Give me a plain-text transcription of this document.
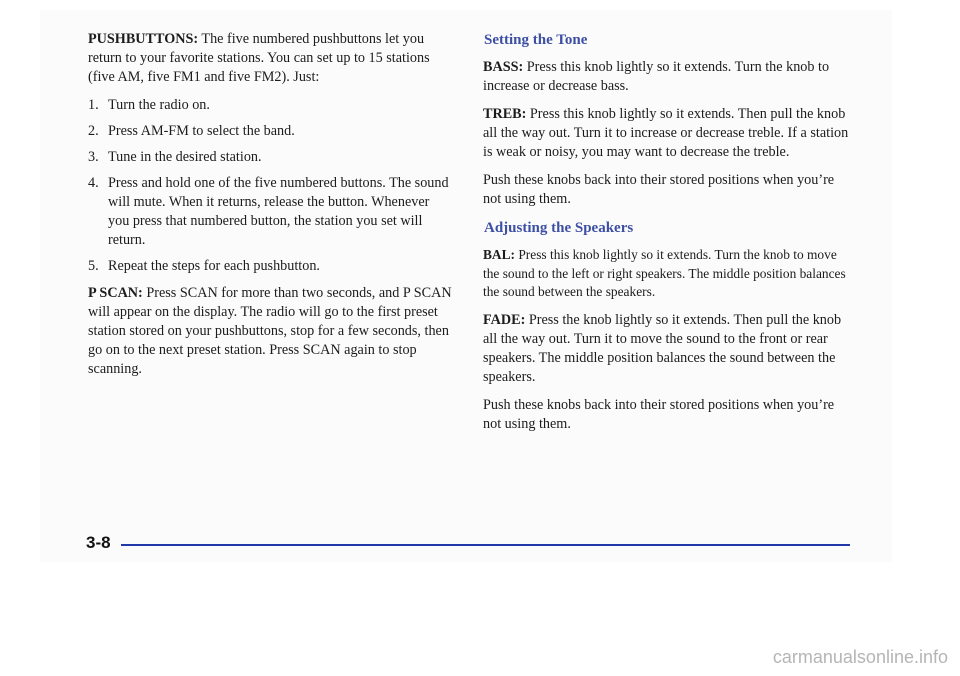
PUSHBUTTONS: The five numbered pushbuttons let you return to your favorite stations. You can set up to 15 stations (five AM, five FM1 and five FM2). Just:

1. Turn the radio on.
2. Press AM-FM to select the band.
3. Tune in the desired station.
4. Press and hold one of the five numbered buttons. The sound will mute. When it returns, release the button. Whenever you press that numbered button, the station you set will return.
5. Repeat the steps for each pushbutton.

P SCAN: Press SCAN for more than two seconds, and P SCAN will appear on the display. The radio will go to the first preset station stored on your pushbuttons, stop for a few seconds, then go on to the next preset station. Press SCAN again to stop scanning.

Setting the Tone

BASS: Press this knob lightly so it extends. Turn the knob to increase or decrease bass.

TREB: Press this knob lightly so it extends. Then pull the knob all the way out. Turn it to increase or decrease treble. If a station is weak or noisy, you may want to decrease the treble.

Push these knobs back into their stored positions when you’re not using them.

Adjusting the Speakers

BAL: Press this knob lightly so it extends. Turn the knob to move the sound to the left or right speakers. The middle position balances the sound between the speakers.

FADE: Press the knob lightly so it extends. Then pull the knob all the way out. Turn it to move the sound to the front or rear speakers. The middle position balances the sound between the speakers.

Push these knobs back into their stored positions when you’re not using them.

3-8
carmanualsonline.info
